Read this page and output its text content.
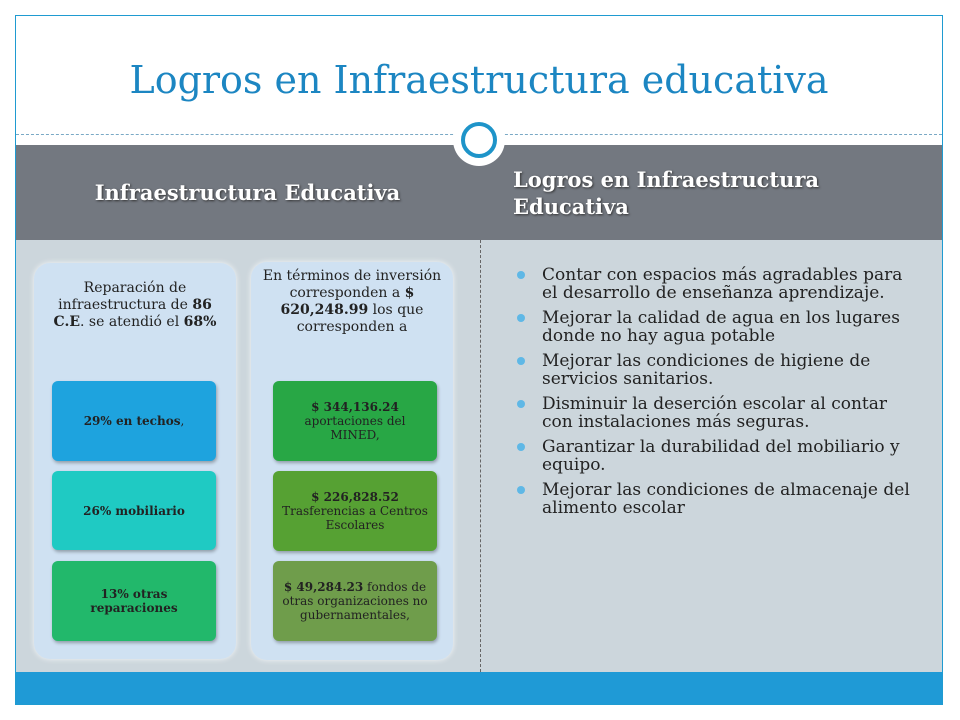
Logros en Infraestructura educativa
Infraestructura Educativa
Logros en Infraestructura Educativa
Reparación de infraestructura de 86 C.E. se atendió el 68%
29% en techos,
26% mobiliario
13% otras reparaciones
En términos de inversión corresponden a $ 620,248.99 los que corresponden a
$ 344,136.24
aportaciones del MINED,
$ 226,828.52
Trasferencias a Centros Escolares
$ 49,284.23 fondos de otras organizaciones no gubernamentales,
Contar con espacios más agradables para el desarrollo de enseñanza aprendizaje.
Mejorar la calidad de agua en los lugares donde no hay agua potable
Mejorar las condiciones de higiene de servicios sanitarios.
Disminuir la deserción escolar al contar con instalaciones más seguras.
Garantizar la durabilidad del mobiliario y equipo.
Mejorar las condiciones de almacenaje del alimento escolar
